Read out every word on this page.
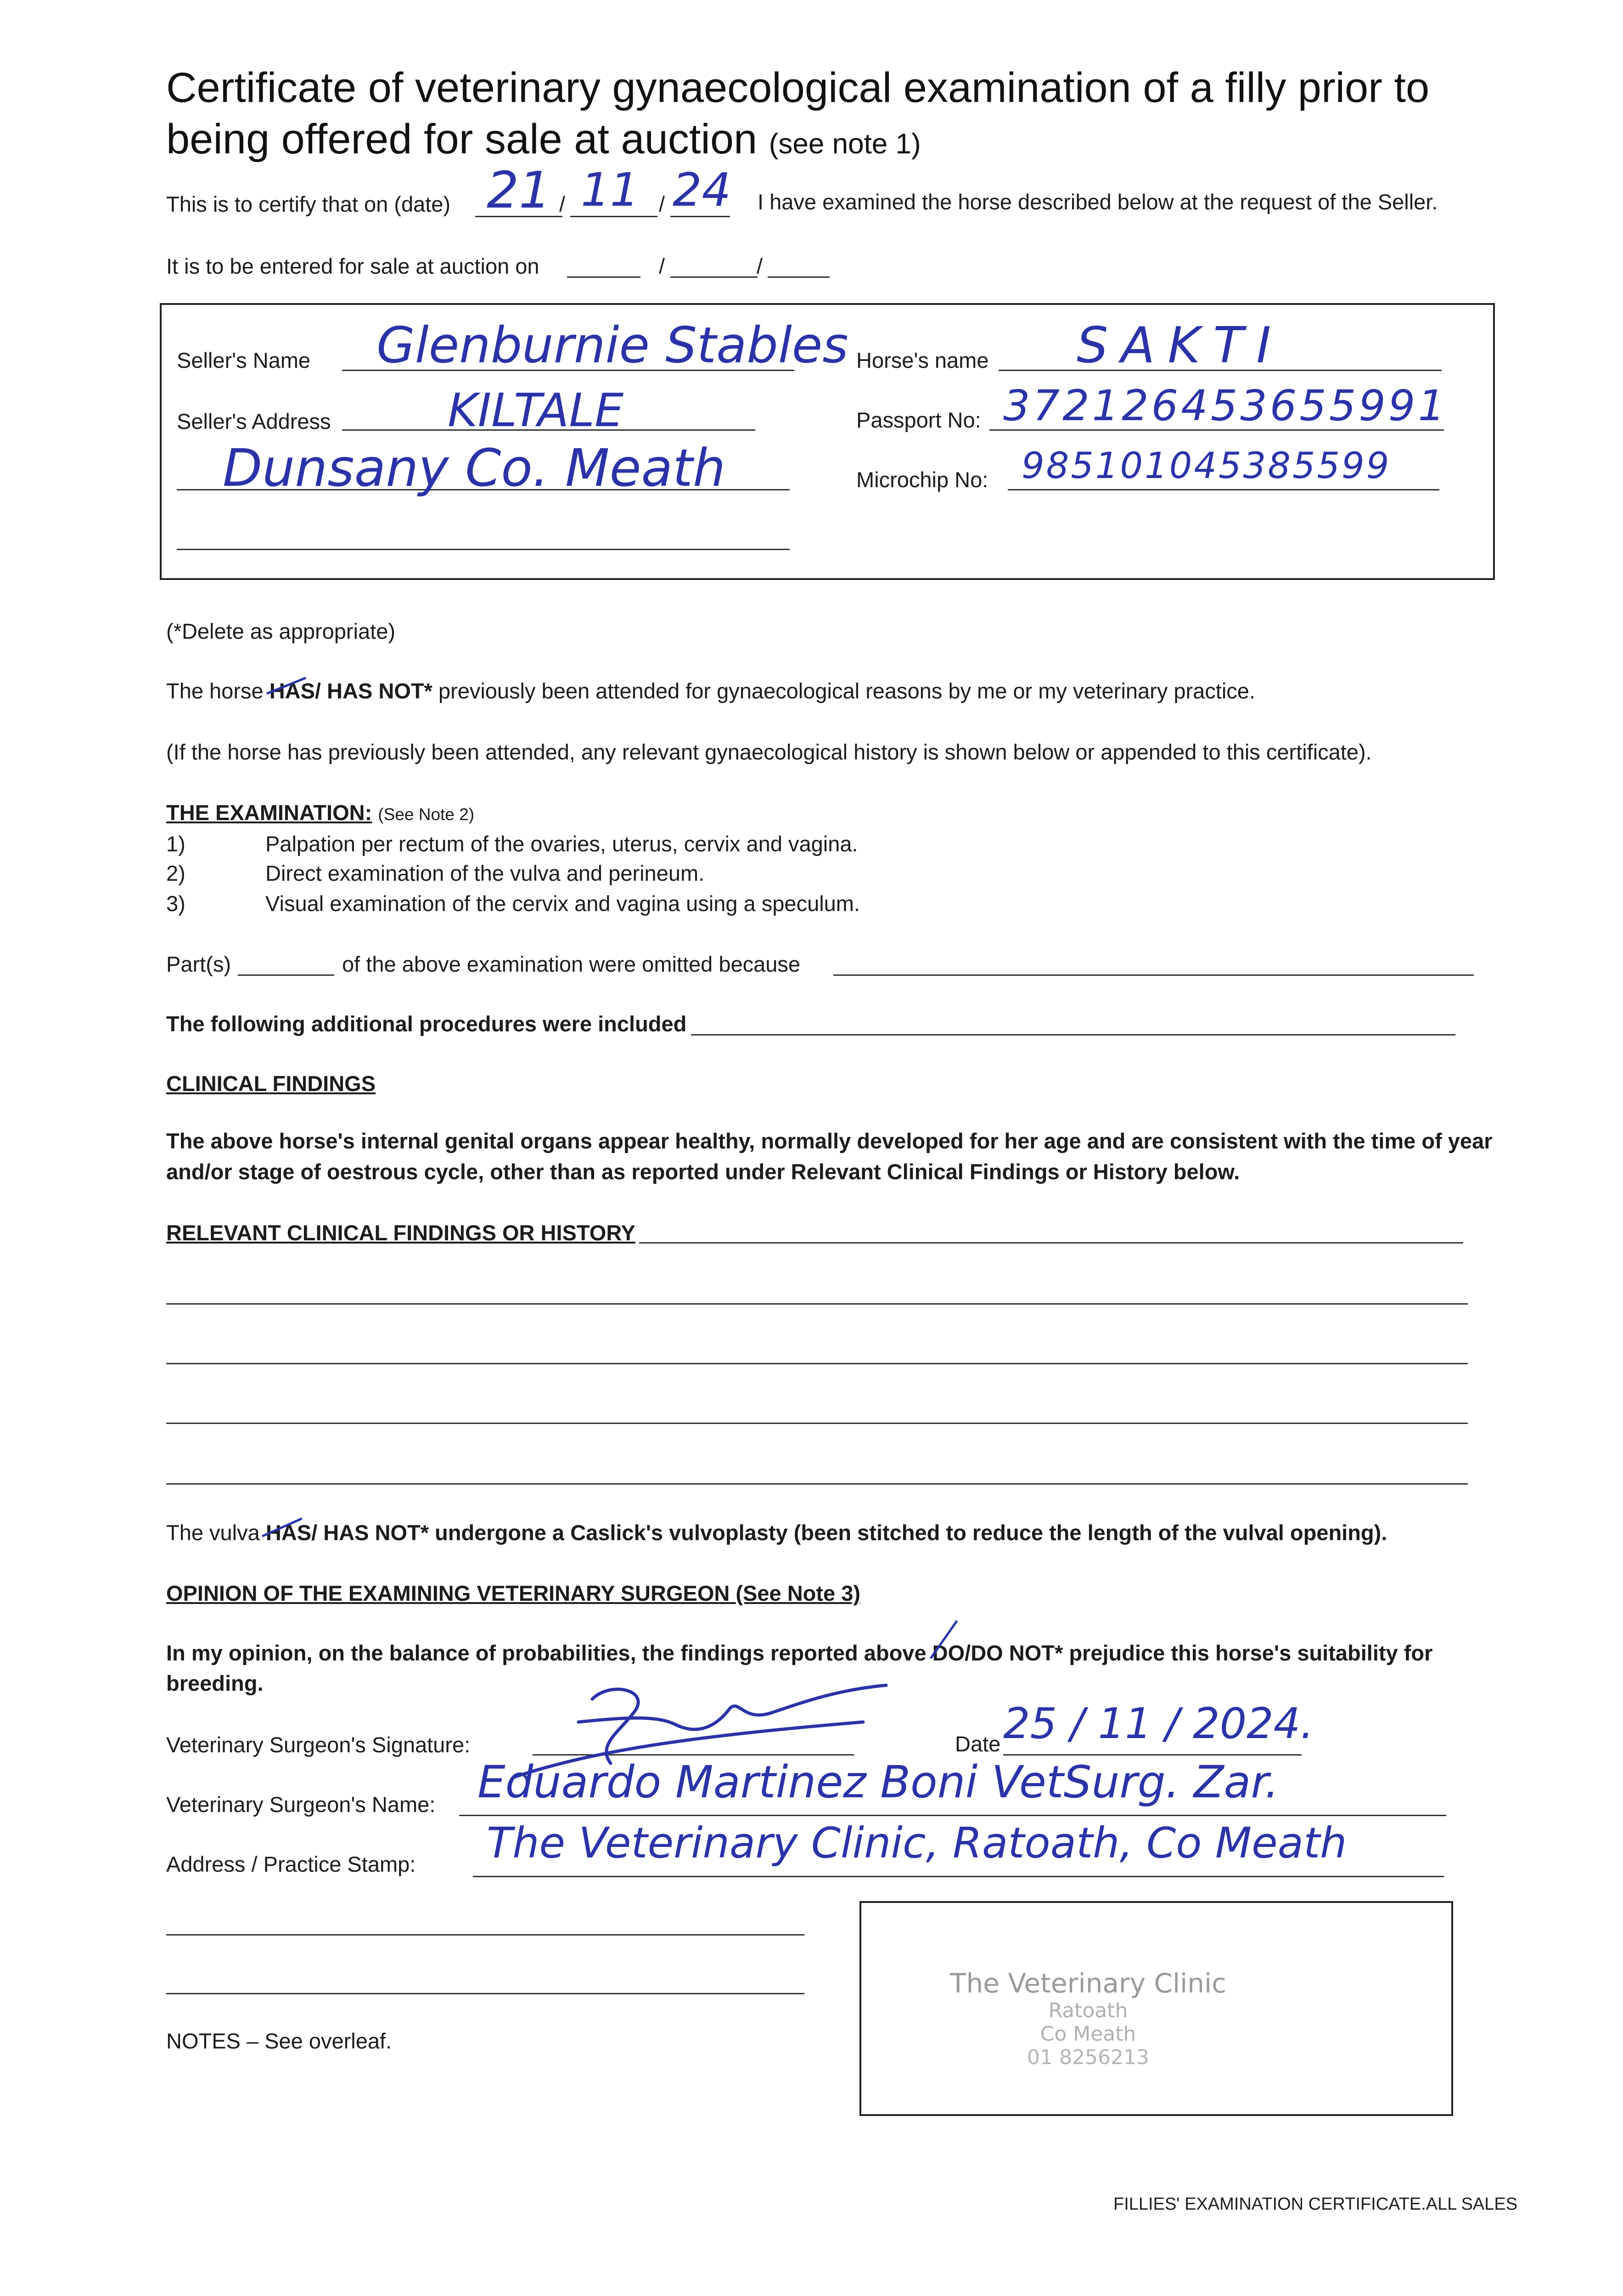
Certificate of veterinary gynaecological examination of a filly prior to being offered for sale at auction (see note 1)
This is to certify that on (date) 21 / 11 / 24 I have examined the horse described below at the request of the Seller.
It is to be entered for sale at auction on	/	/
Seller's Name Glenburnie Stables
Seller's Address	KILTALE
Dunsany Co. Meath
Horse's name SAKTI
Passport No: 372126453655991
Microchip No: 985101045385599
(*Delete as appropriate)
The horse HAS
/ HAS NOT* previously been attended for gynaecological reasons by me or my veterinary practice.
(If the horse has previously been attended, any relevant gynaecological history is shown below or appended to this certificate).
THE EXAMINATION: (See Note 2)
1)	Palpation per rectum of the ovaries, uterus, cervix and vagina.
2)	Direct examination of the vulva and perineum.
3)	Visual examination of the cervix and vagina using a speculum.
Part(s)	of the above examination were omitted because
The following additional procedures were included
CLINICAL FINDINGS
The above horse's internal genital organs appear healthy, normally developed for her age and are consistent with the time of year
and/or stage of oestrous cycle, other than as reported under Relevant Clinical Findings or History below.
RELEVANT CLINICAL FINDINGS OR HISTORY
The vulva HAS
/ HAS NOT* undergone a Caslick's vulvoplasty (been stitched to reduce the length of the vulval opening).
OPINION OF THE EXAMINING VETERINARY SURGEON (See Note 3)
In my opinion, on the balance of probabilities, the findings reported above DO
/DO NOT* prejudice this horse's suitability for
breeding.
Veterinary Surgeon's Signature:	Date 25 / 11 / 2024.
Veterinary Surgeon's Name: Eduardo Martinez Boni VetSurg. Zar.
Address / Practice Stamp: The Veterinary Clinic, Ratoath, Co Meath
The Veterinary Clinic
Ratoath
Co Meath
01 8256213
NOTES – See overleaf.
FILLIES' EXAMINATION CERTIFICATE.ALL SALES
